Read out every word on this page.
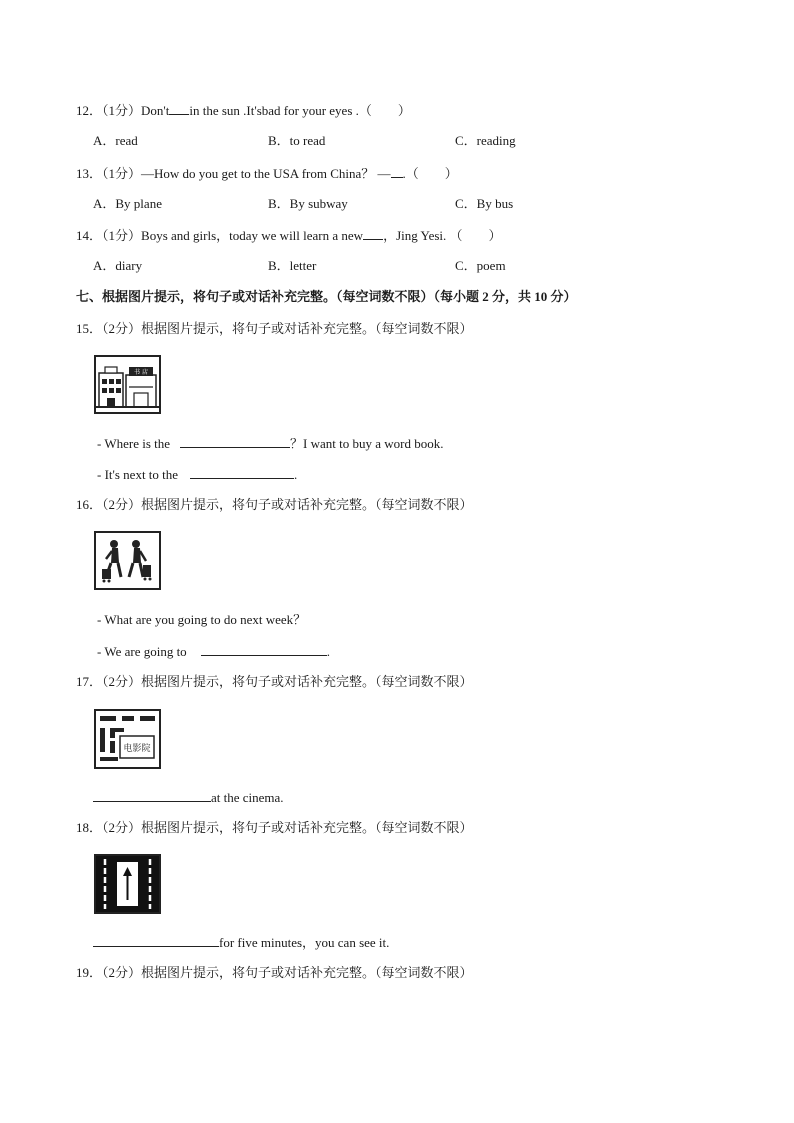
12．（1分）Don't in the sun .It'sbad for your eyes .（　　）
A．read	B．to read	C．reading
13．（1分）—How do you get to the USA from China？ — .（　　）
A．By plane	B．By subway	C．By bus
14．（1分）Boys and girls，today we will learn a new ，Jing Yesi. （　　）
A．diary	B．letter	C．poem
七、根据图片提示，将句子或对话补充完整。（每空词数不限）（每小题 2 分，共 10 分）
15．（2分）根据图片提示，将句子或对话补充完整。（每空词数不限）
书 店
- Where is the	？I want to buy a word book.
- It's next to the	.
16．（2分）根据图片提示，将句子或对话补充完整。（每空词数不限）
- What are you going to do next week？
- We are going to	.
17．（2分）根据图片提示，将句子或对话补充完整。（每空词数不限）
电影院
at the cinema.
18．（2分）根据图片提示，将句子或对话补充完整。（每空词数不限）
for five minutes，you can see it.
19．（2分）根据图片提示，将句子或对话补充完整。（每空词数不限）
